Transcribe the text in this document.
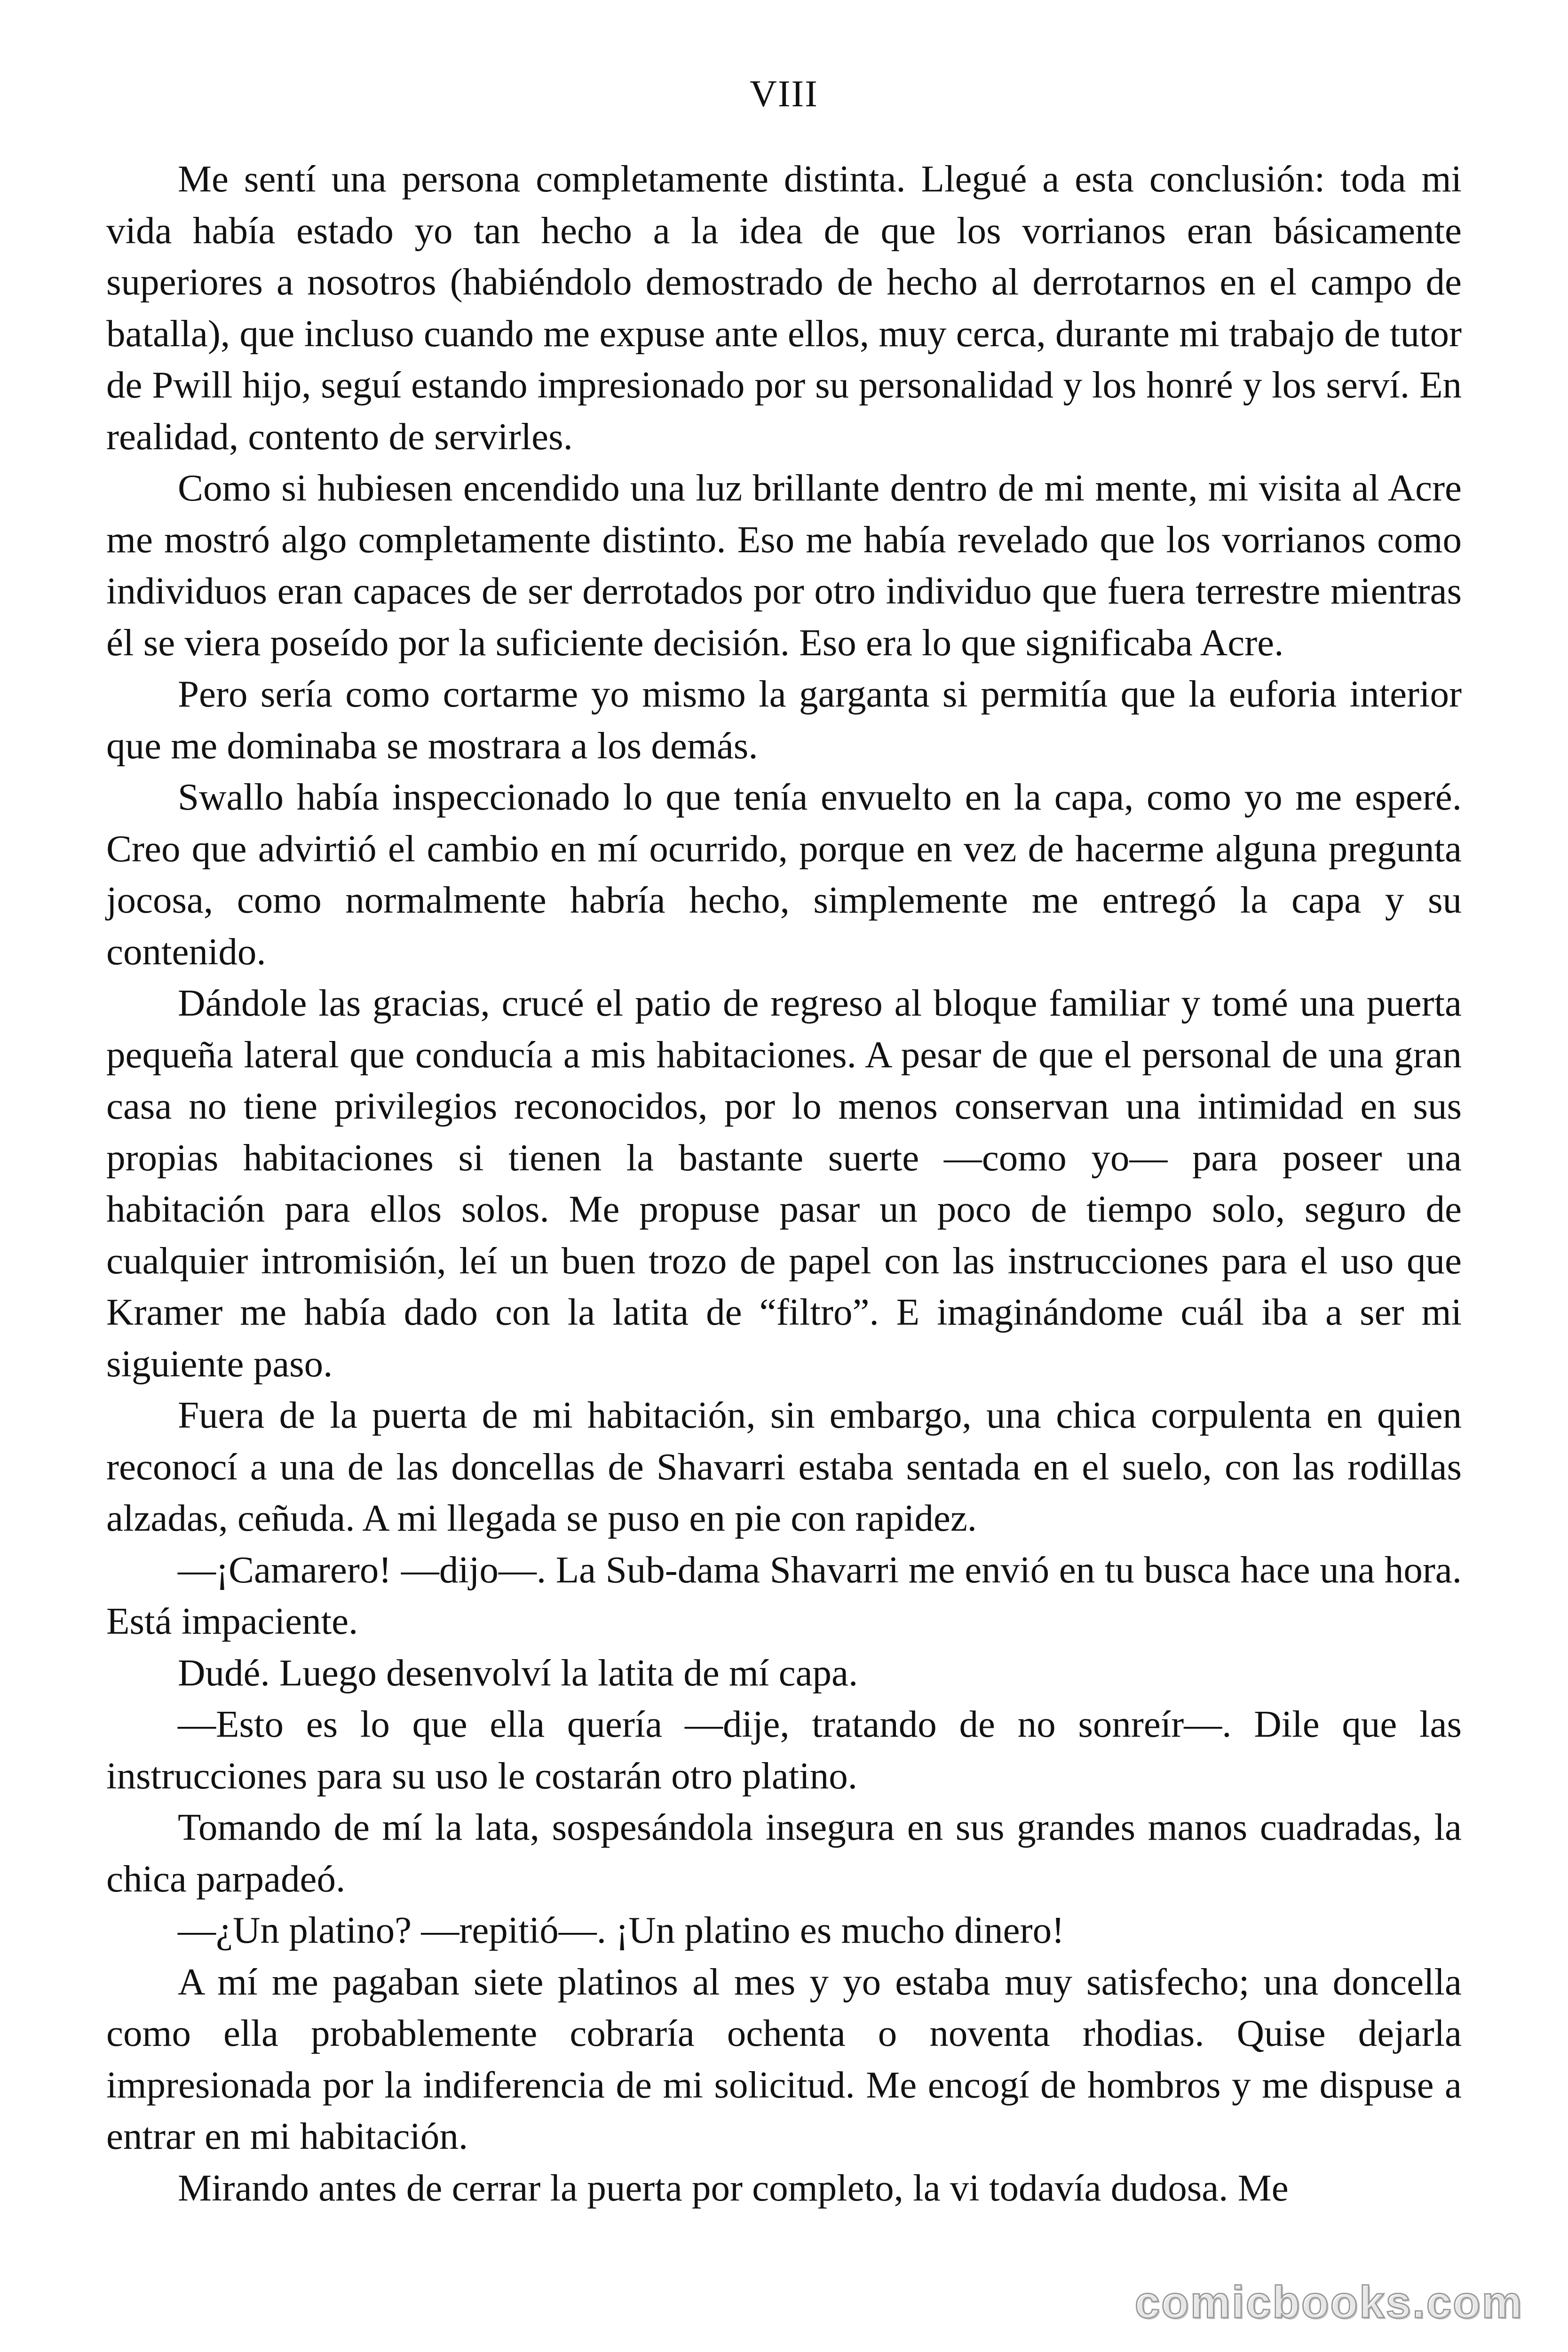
VIII

Me sentí una persona completamente distinta. Llegué a esta conclusión: toda mi vida había estado yo tan hecho a la idea de que los vorrianos eran básicamente superiores a nosotros (habiéndolo demostrado de hecho al derrotarnos en el campo de batalla), que incluso cuando me expuse ante ellos, muy cerca, durante mi trabajo de tutor de Pwill hijo, seguí estando impresionado por su personalidad y los honré y los serví. En realidad, contento de servirles.

Como si hubiesen encendido una luz brillante dentro de mi mente, mi visita al Acre me mostró algo completamente distinto. Eso me había revelado que los vorrianos como individuos eran capaces de ser derrotados por otro individuo que fuera terrestre mientras él se viera poseído por la suficiente decisión. Eso era lo que significaba Acre.

Pero sería como cortarme yo mismo la garganta si permitía que la euforia interior que me dominaba se mostrara a los demás.

Swallo había inspeccionado lo que tenía envuelto en la capa, como yo me esperé. Creo que advirtió el cambio en mí ocurrido, porque en vez de hacerme alguna pregunta jocosa, como normalmente habría hecho, simplemente me entregó la capa y su contenido.

Dándole las gracias, crucé el patio de regreso al bloque familiar y tomé una puerta pequeña lateral que conducía a mis habitaciones. A pesar de que el personal de una gran casa no tiene privilegios reconocidos, por lo menos conservan una intimidad en sus propias habitaciones si tienen la bastante suerte —como yo— para poseer una habitación para ellos solos. Me propuse pasar un poco de tiempo solo, seguro de cualquier intromisión, leí un buen trozo de papel con las instrucciones para el uso que Kramer me había dado con la latita de “filtro”. E imaginándome cuál iba a ser mi siguiente paso.

Fuera de la puerta de mi habitación, sin embargo, una chica corpulenta en quien reconocí a una de las doncellas de Shavarri estaba sentada en el suelo, con las rodillas alzadas, ceñuda. A mi llegada se puso en pie con rapidez.

—¡Camarero! —dijo—. La Sub-dama Shavarri me envió en tu busca hace una hora. Está impaciente.

Dudé. Luego desenvolví la latita de mí capa.

—Esto es lo que ella quería —dije, tratando de no sonreír—. Dile que las instrucciones para su uso le costarán otro platino.

Tomando de mí la lata, sospesándola insegura en sus grandes manos cuadradas, la chica parpadeó.

—¿Un platino? —repitió—. ¡Un platino es mucho dinero!

A mí me pagaban siete platinos al mes y yo estaba muy satisfecho; una doncella como ella probablemente cobraría ochenta o noventa rhodias. Quise dejarla impresionada por la indiferencia de mi solicitud. Me encogí de hombros y me dispuse a entrar en mi habitación.

Mirando antes de cerrar la puerta por completo, la vi todavía dudosa. Me

comicbooks.com
